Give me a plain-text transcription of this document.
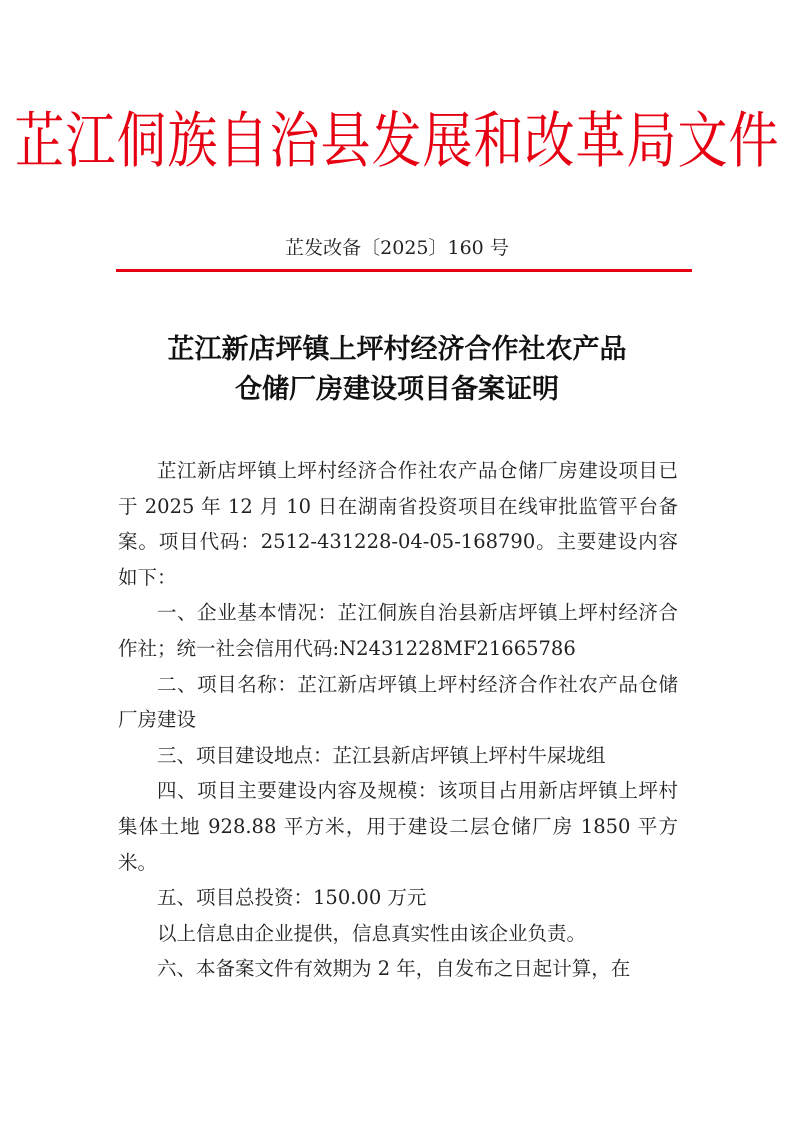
芷江侗族自治县发展和改革局文件
芷发改备〔2025〕160 号
芷江新店坪镇上坪村经济合作社农产品
仓储厂房建设项目备案证明

芷江新店坪镇上坪村经济合作社农产品仓储厂房建设项目已于 2025 年 12 月 10 日在湖南省投资项目在线审批监管平台备案。项目代码：2512-431228-04-05-168790。主要建设内容如下：

一、企业基本情况：芷江侗族自治县新店坪镇上坪村经济合作社；统一社会信用代码:N2431228MF21665786

二、项目名称：芷江新店坪镇上坪村经济合作社农产品仓储厂房建设

三、项目建设地点：芷江县新店坪镇上坪村牛屎垅组

四、项目主要建设内容及规模：该项目占用新店坪镇上坪村集体土地 928.88 平方米，用于建设二层仓储厂房 1850 平方米。

五、项目总投资：150.00 万元

以上信息由企业提供，信息真实性由该企业负责。

六、本备案文件有效期为 2 年，自发布之日起计算，在
